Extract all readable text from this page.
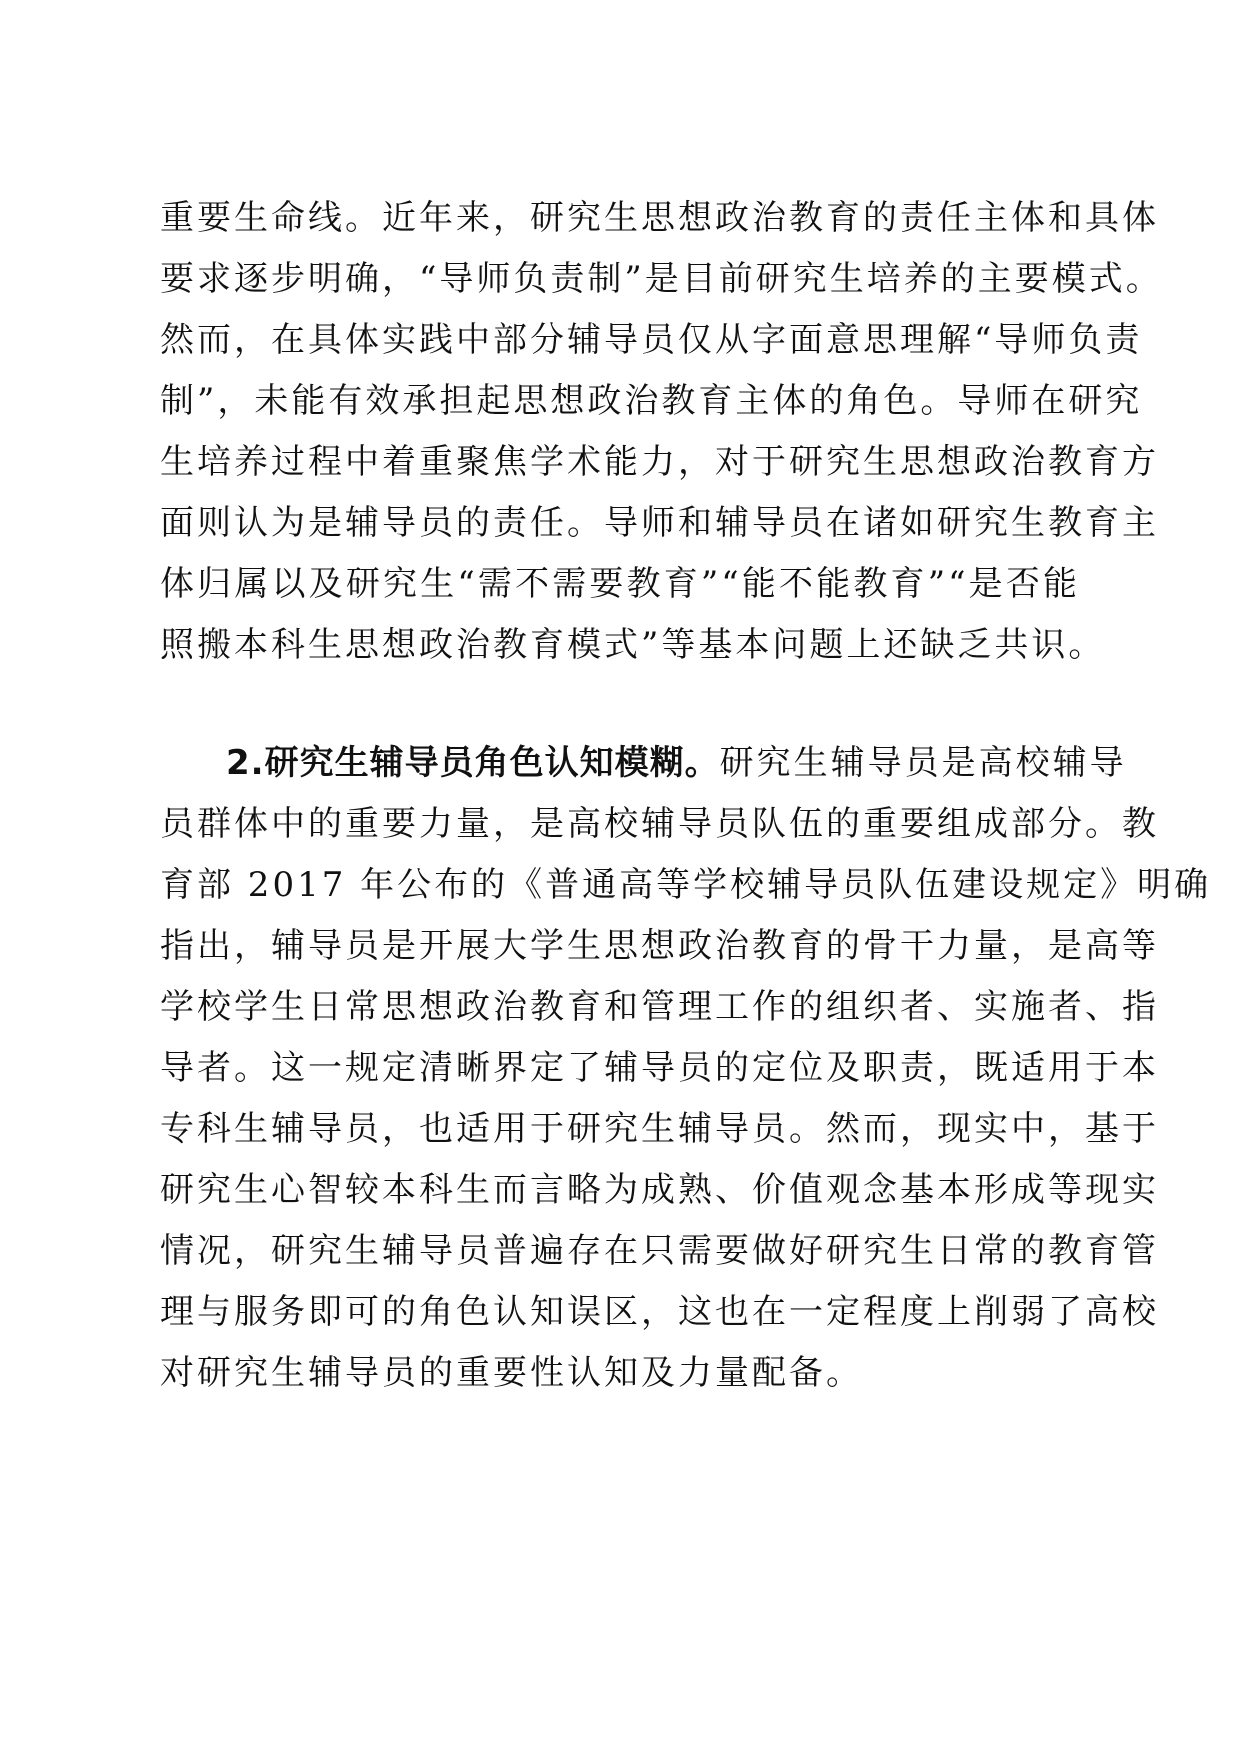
重要生命线。近年来，研究生思想政治教育的责任主体和具体
要求逐步明确，“导师负责制”是目前研究生培养的主要模式。
然而，在具体实践中部分辅导员仅从字面意思理解“导师负责
制”，未能有效承担起思想政治教育主体的角色。导师在研究
生培养过程中着重聚焦学术能力，对于研究生思想政治教育方
面则认为是辅导员的责任。导师和辅导员在诸如研究生教育主
体归属以及研究生“需不需要教育”“能不能教育”“是否能
照搬本科生思想政治教育模式”等基本问题上还缺乏共识。
2.研究生辅导员角色认知模糊。研究生辅导员是高校辅导
员群体中的重要力量，是高校辅导员队伍的重要组成部分。教
育部 2017 年公布的《普通高等学校辅导员队伍建设规定》明确
指出，辅导员是开展大学生思想政治教育的骨干力量，是高等
学校学生日常思想政治教育和管理工作的组织者、实施者、指
导者。这一规定清晰界定了辅导员的定位及职责，既适用于本
专科生辅导员，也适用于研究生辅导员。然而，现实中，基于
研究生心智较本科生而言略为成熟、价值观念基本形成等现实
情况，研究生辅导员普遍存在只需要做好研究生日常的教育管
理与服务即可的角色认知误区，这也在一定程度上削弱了高校
对研究生辅导员的重要性认知及力量配备。
